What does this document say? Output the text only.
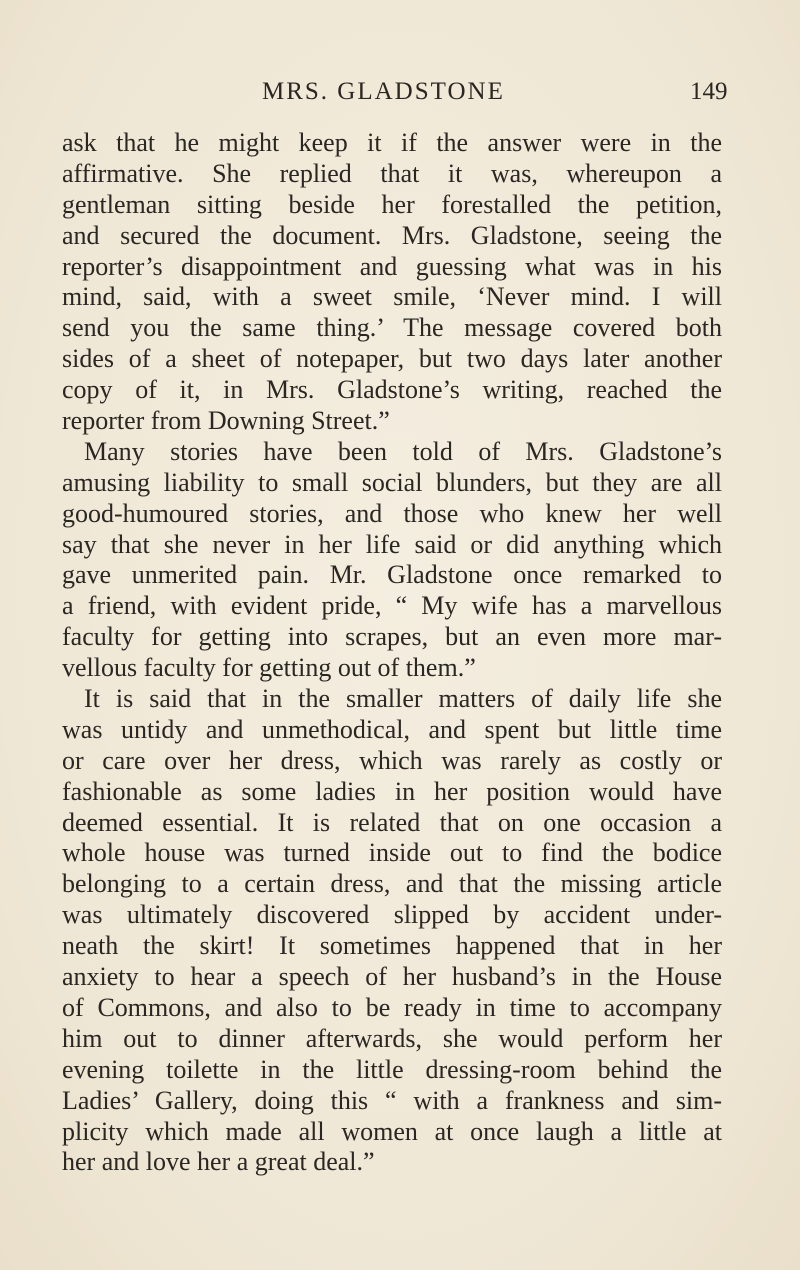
MRS. GLADSTONE	149
ask that he might keep it if the answer were in the
affirmative. She replied that it was, whereupon a
gentleman sitting beside her forestalled the petition,
and secured the document. Mrs. Gladstone, seeing the
reporter’s disappointment and guessing what was in his
mind, said, with a sweet smile, ‘Never mind. I will
send you the same thing.’ The message covered both
sides of a sheet of notepaper, but two days later another
copy of it, in Mrs. Gladstone’s writing, reached the
reporter from Downing Street.”
Many stories have been told of Mrs. Gladstone’s
amusing liability to small social blunders, but they are all
good-humoured stories, and those who knew her well
say that she never in her life said or did anything which
gave unmerited pain. Mr. Gladstone once remarked to
a friend, with evident pride, “ My wife has a marvellous
faculty for getting into scrapes, but an even more mar-
vellous faculty for getting out of them.”
It is said that in the smaller matters of daily life she
was untidy and unmethodical, and spent but little time
or care over her dress, which was rarely as costly or
fashionable as some ladies in her position would have
deemed essential. It is related that on one occasion a
whole house was turned inside out to find the bodice
belonging to a certain dress, and that the missing article
was ultimately discovered slipped by accident under-
neath the skirt! It sometimes happened that in her
anxiety to hear a speech of her husband’s in the House
of Commons, and also to be ready in time to accompany
him out to dinner afterwards, she would perform her
evening toilette in the little dressing-room behind the
Ladies’ Gallery, doing this “ with a frankness and sim-
plicity which made all women at once laugh a little at
her and love her a great deal.”
